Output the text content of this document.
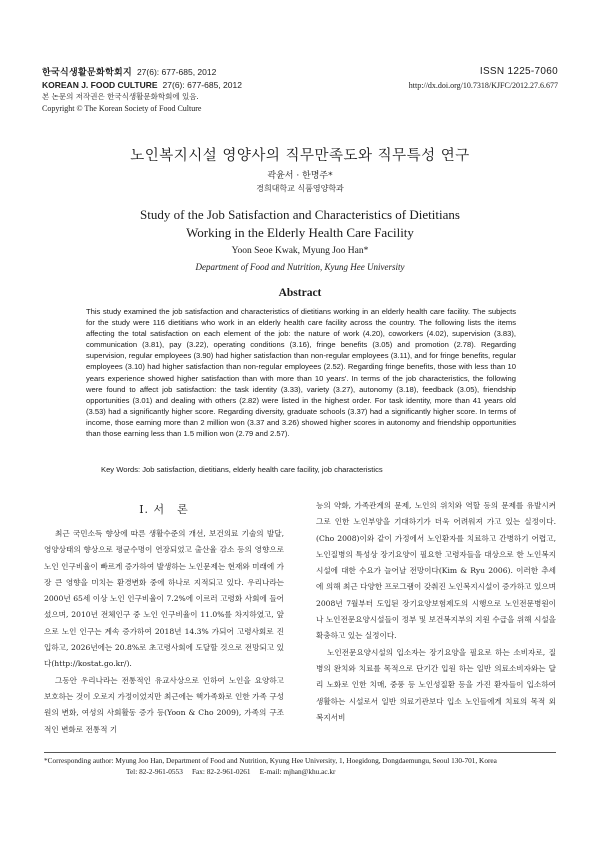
한국식생활문화학회지 27(6): 677-685, 2012
KOREAN J. FOOD CULTURE 27(6): 677-685, 2012
본 논문의 저작권은 한국식생활문화학회에 있음.
Copyright © The Korean Society of Food Culture
ISSN 1225-7060
http://dx.doi.org/10.7318/KJFC/2012.27.6.677
노인복지시설 영양사의 직무만족도와 직무특성 연구
곽윤서 · 한명주*
경희대학교 식품영양학과
Study of the Job Satisfaction and Characteristics of Dietitians
Working in the Elderly Health Care Facility
Yoon Seoe Kwak, Myung Joo Han*
Department of Food and Nutrition, Kyung Hee University
Abstract
This study examined the job satisfaction and characteristics of dietitians working in an elderly health care facility. The subjects for the study were 116 dietitians who work in an elderly health care facility across the country. The following lists the items affecting the total satisfaction on each element of the job: the nature of work (4.20), coworkers (4.02), supervision (3.83), communication (3.81), pay (3.22), operating conditions (3.16), fringe benefits (3.05) and promotion (2.78). Regarding supervision, regular employees (3.90) had higher satisfaction than non-regular employees (3.11), and for fringe benefits, regular employees (3.10) had higher satisfaction than non-regular employees (2.52). Regarding fringe benefits, those with less than 10 years experience showed higher satisfaction than with more than 10 years'. In terms of the job characteristics, the following were found to affect job satisfaction: the task identity (3.33), variety (3.27), autonomy (3.18), feedback (3.05), friendship opportunities (3.01) and dealing with others (2.82) were listed in the highest order. For task identity, more than 41 years old (3.53) had a significantly higher score. Regarding diversity, graduate schools (3.37) had a significantly higher score. In terms of income, those earning more than 2 million won (3.37 and 3.26) showed higher scores in autonomy and friendship opportunities than those earning less than 1.5 million won (2.79 and 2.57).
Key Words: Job satisfaction, dietitians, elderly health care facility, job characteristics
I. 서　론

최근 국민소득 향상에 따른 생활수준의 개선, 보건의료 기술의 발달, 영양상태의 향상으로 평균수명이 연장되었고 출산율 감소 등의 영향으로 노인 인구비율이 빠르게 증가하여 발생하는 노인문제는 현재와 미래에 가장 큰 영향을 미치는 환경변화 중에 하나로 지적되고 있다. 우리나라는 2000년 65세 이상 노인 인구비율이 7.2%에 이르러 고령화 사회에 들어섰으며, 2010년 전체인구 중 노인 인구비율이 11.0%를 차지하였고, 앞으로 노인 인구는 계속 증가하여 2018년 14.3% 가되어 고령사회로 진입하고, 2026년에는 20.8%로 초고령사회에 도달할 것으로 전망되고 있다(http://kostat.go.kr/).

그동안 우리나라는 전통적인 유교사상으로 인하여 노인을 요양하고 보호하는 것이 오로지 가정이었지만 최근에는 핵가족화로 인한 가족 구성원의 변화, 여성의 사회활동 증가 등(Yoon & Cho 2009), 가족의 구조적인 변화로 전통적 기

능의 약화, 가족관계의 문제, 노인의 위치와 역할 등의 문제를 유발시켜 그로 인한 노인부양을 기대하기가 더욱 어려워져 가고 있는 실정이다.(Cho 2008)이와 같이 가정에서 노인환자를 치료하고 간병하기 어렵고, 노인질병의 특성상 장기요양이 필요한 고령자들을 대상으로 한 노인복지 시설에 대한 수요가 늘어날 전망이다(Kim & Ryu 2006). 이러한 추세에 의해 최근 다양한 프로그램이 갖춰진 노인복지시설이 증가하고 있으며 2008년 7월부터 도입된 장기요양보험제도의 시행으로 노인전문병원이나 노인전문요양시설들이 정부 및 보건복지부의 지원 수급을 위해 시설을 확충하고 있는 실정이다.

노인전문요양시설의 입소자는 장기요양을 필요로 하는 소비자로, 질병의 완치와 치료를 목적으로 단기간 입원 하는 일반 의료소비자와는 달리 노화로 인한 치매, 중풍 등 노인성질환 등을 가진 환자들이 입소하여 생활하는 시설로서 일반 의료기관보다 입소 노인들에게 치료의 목적 외 복지서비

*Corresponding author: Myung Joo Han, Department of Food and Nutrition, Kyung Hee University, 1, Hoegidong, Dongdaemungu, Seoul 130-701, Korea
Tel: 82-2-961-0553　 Fax: 82-2-961-0261　 E-mail: mjhan@khu.ac.kr
